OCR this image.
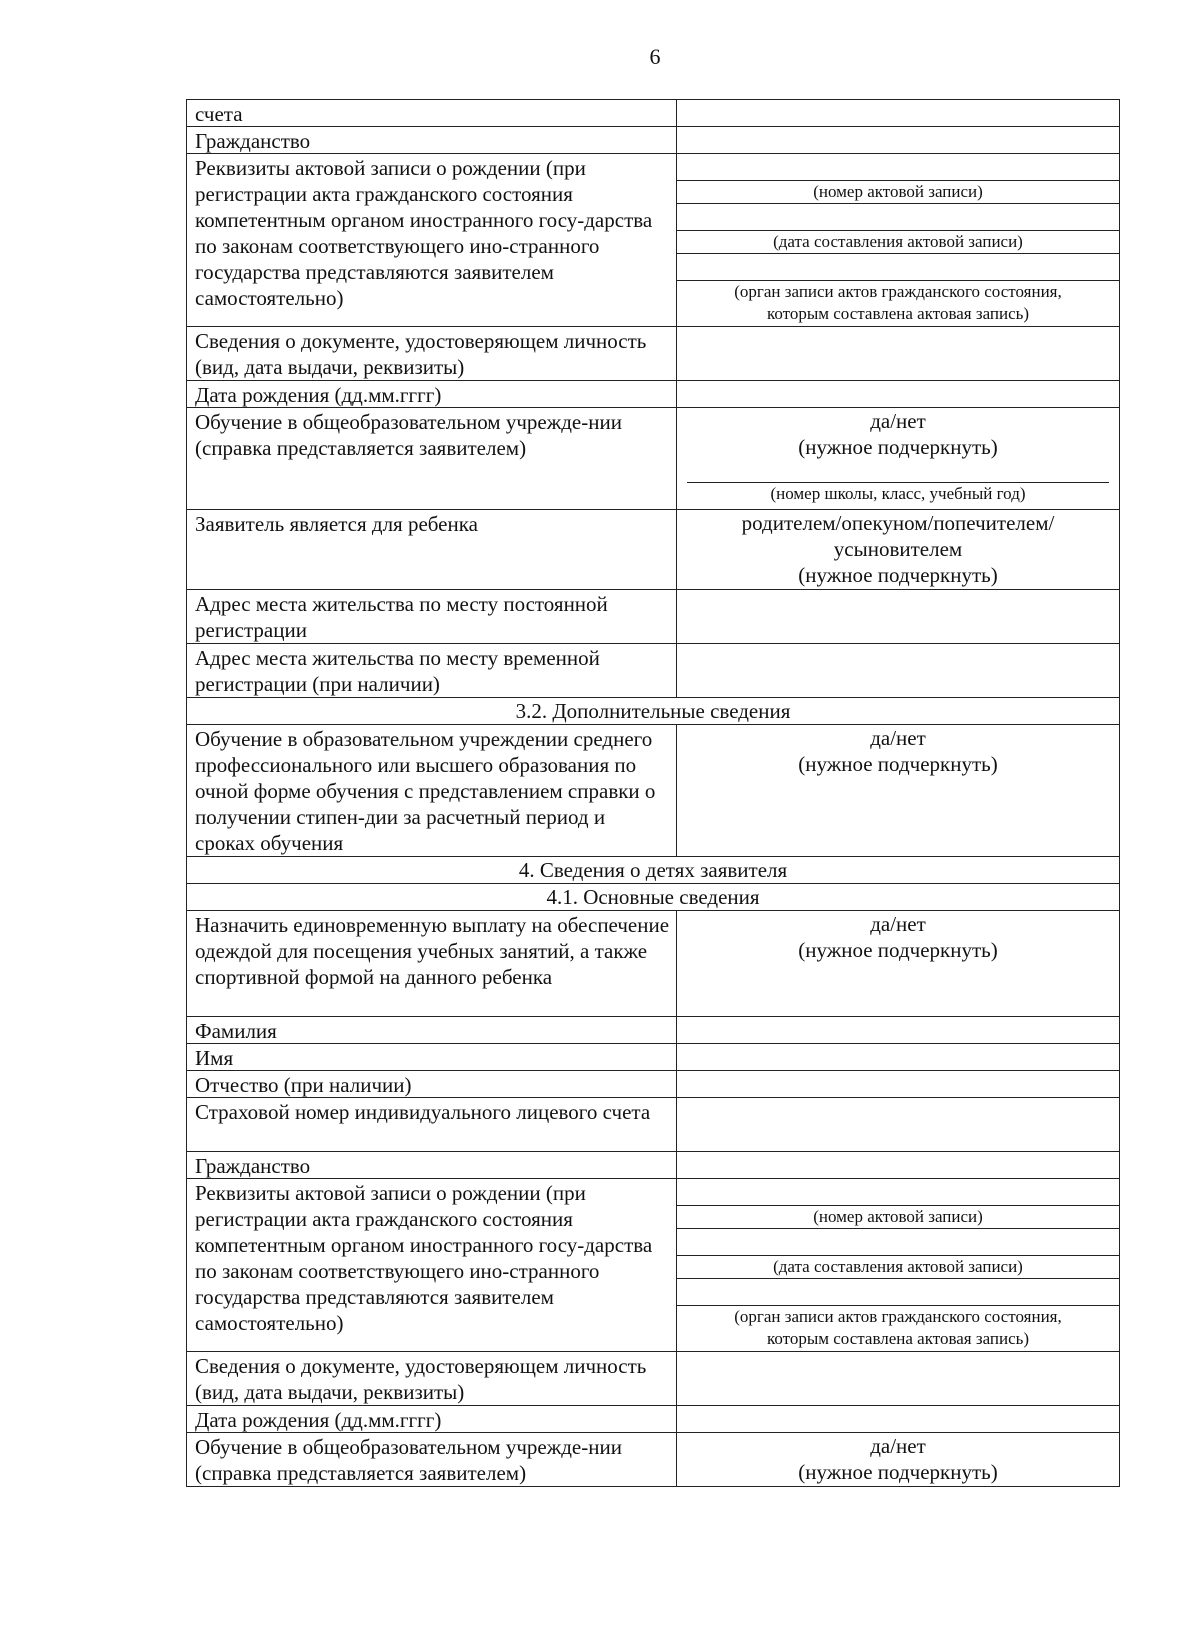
6
счета
Гражданство
Реквизиты актовой записи о рождении (при регистрации акта гражданского состояния компетентным органом иностранного госу-дарства по законам соответствующего ино-странного государства представляются заявителем самостоятельно)
(номер актовой записи)
(дата составления актовой записи)
(орган записи актов гражданского состояния,
которым составлена актовая запись)
Сведения о документе, удостоверяющем личность (вид, дата выдачи, реквизиты)
Дата рождения (дд.мм.гггг)
Обучение в общеобразовательном учрежде-нии (справка представляется заявителем)
да/нет
(нужное подчеркнуть)
(номер школы, класс, учебный год)
Заявитель является для ребенка	родителем/опекуном/попечителем/
усыновителем
(нужное подчеркнуть)
Адрес места жительства по месту постоянной регистрации
Адрес места жительства по месту временной регистрации (при наличии)
3.2. Дополнительные сведения
Обучение в образовательном учреждении среднего профессионального или высшего образования по очной форме обучения с представлением справки о получении стипен-дии за расчетный период и сроках обучения
да/нет
(нужное подчеркнуть)
4. Сведения о детях заявителя
4.1. Основные сведения
Назначить единовременную выплату на обеспечение одеждой для посещения учебных занятий, а также спортивной формой на данного ребенка
да/нет
(нужное подчеркнуть)
Фамилия
Имя
Отчество (при наличии)
Страховой номер индивидуального лицевого счета
Гражданство
Реквизиты актовой записи о рождении (при регистрации акта гражданского состояния компетентным органом иностранного госу-дарства по законам соответствующего ино-странного государства представляются заявителем самостоятельно)
(номер актовой записи)
(дата составления актовой записи)
(орган записи актов гражданского состояния,
которым составлена актовая запись)
Сведения о документе, удостоверяющем личность (вид, дата выдачи, реквизиты)
Дата рождения (дд.мм.гггг)
Обучение в общеобразовательном учрежде-нии (справка представляется заявителем)
да/нет
(нужное подчеркнуть)
